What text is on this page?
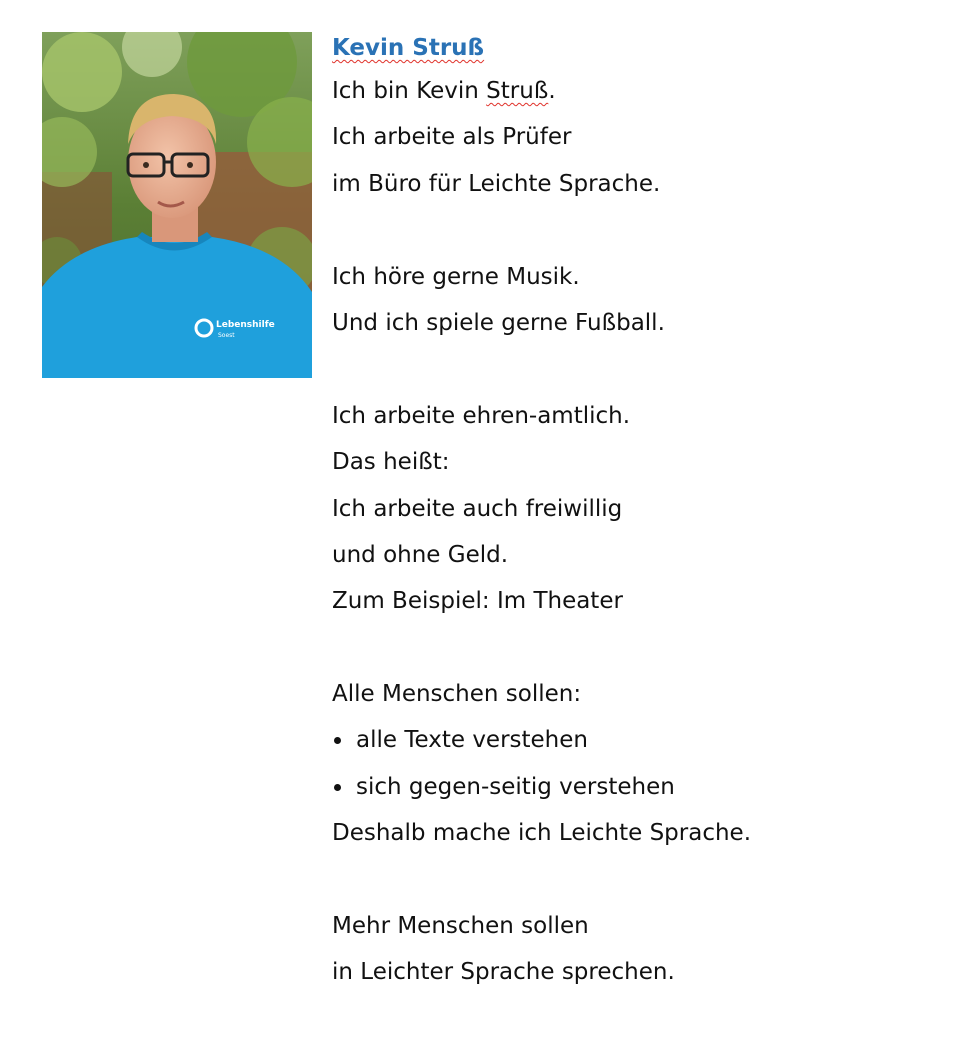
Lebenshilfe
Soest
Kevin Struß

Ich bin Kevin Struß.

Ich arbeite als Prüfer

im Büro für Leichte Sprache.

Ich höre gerne Musik.

Und ich spiele gerne Fußball.

Ich arbeite ehren-amtlich.

Das heißt:

Ich arbeite auch freiwillig

und ohne Geld.

Zum Beispiel: Im Theater

Alle Menschen sollen:

alle Texte verstehen

sich gegen-seitig verstehen

Deshalb mache ich Leichte Sprache.

Mehr Menschen sollen

in Leichter Sprache sprechen.
